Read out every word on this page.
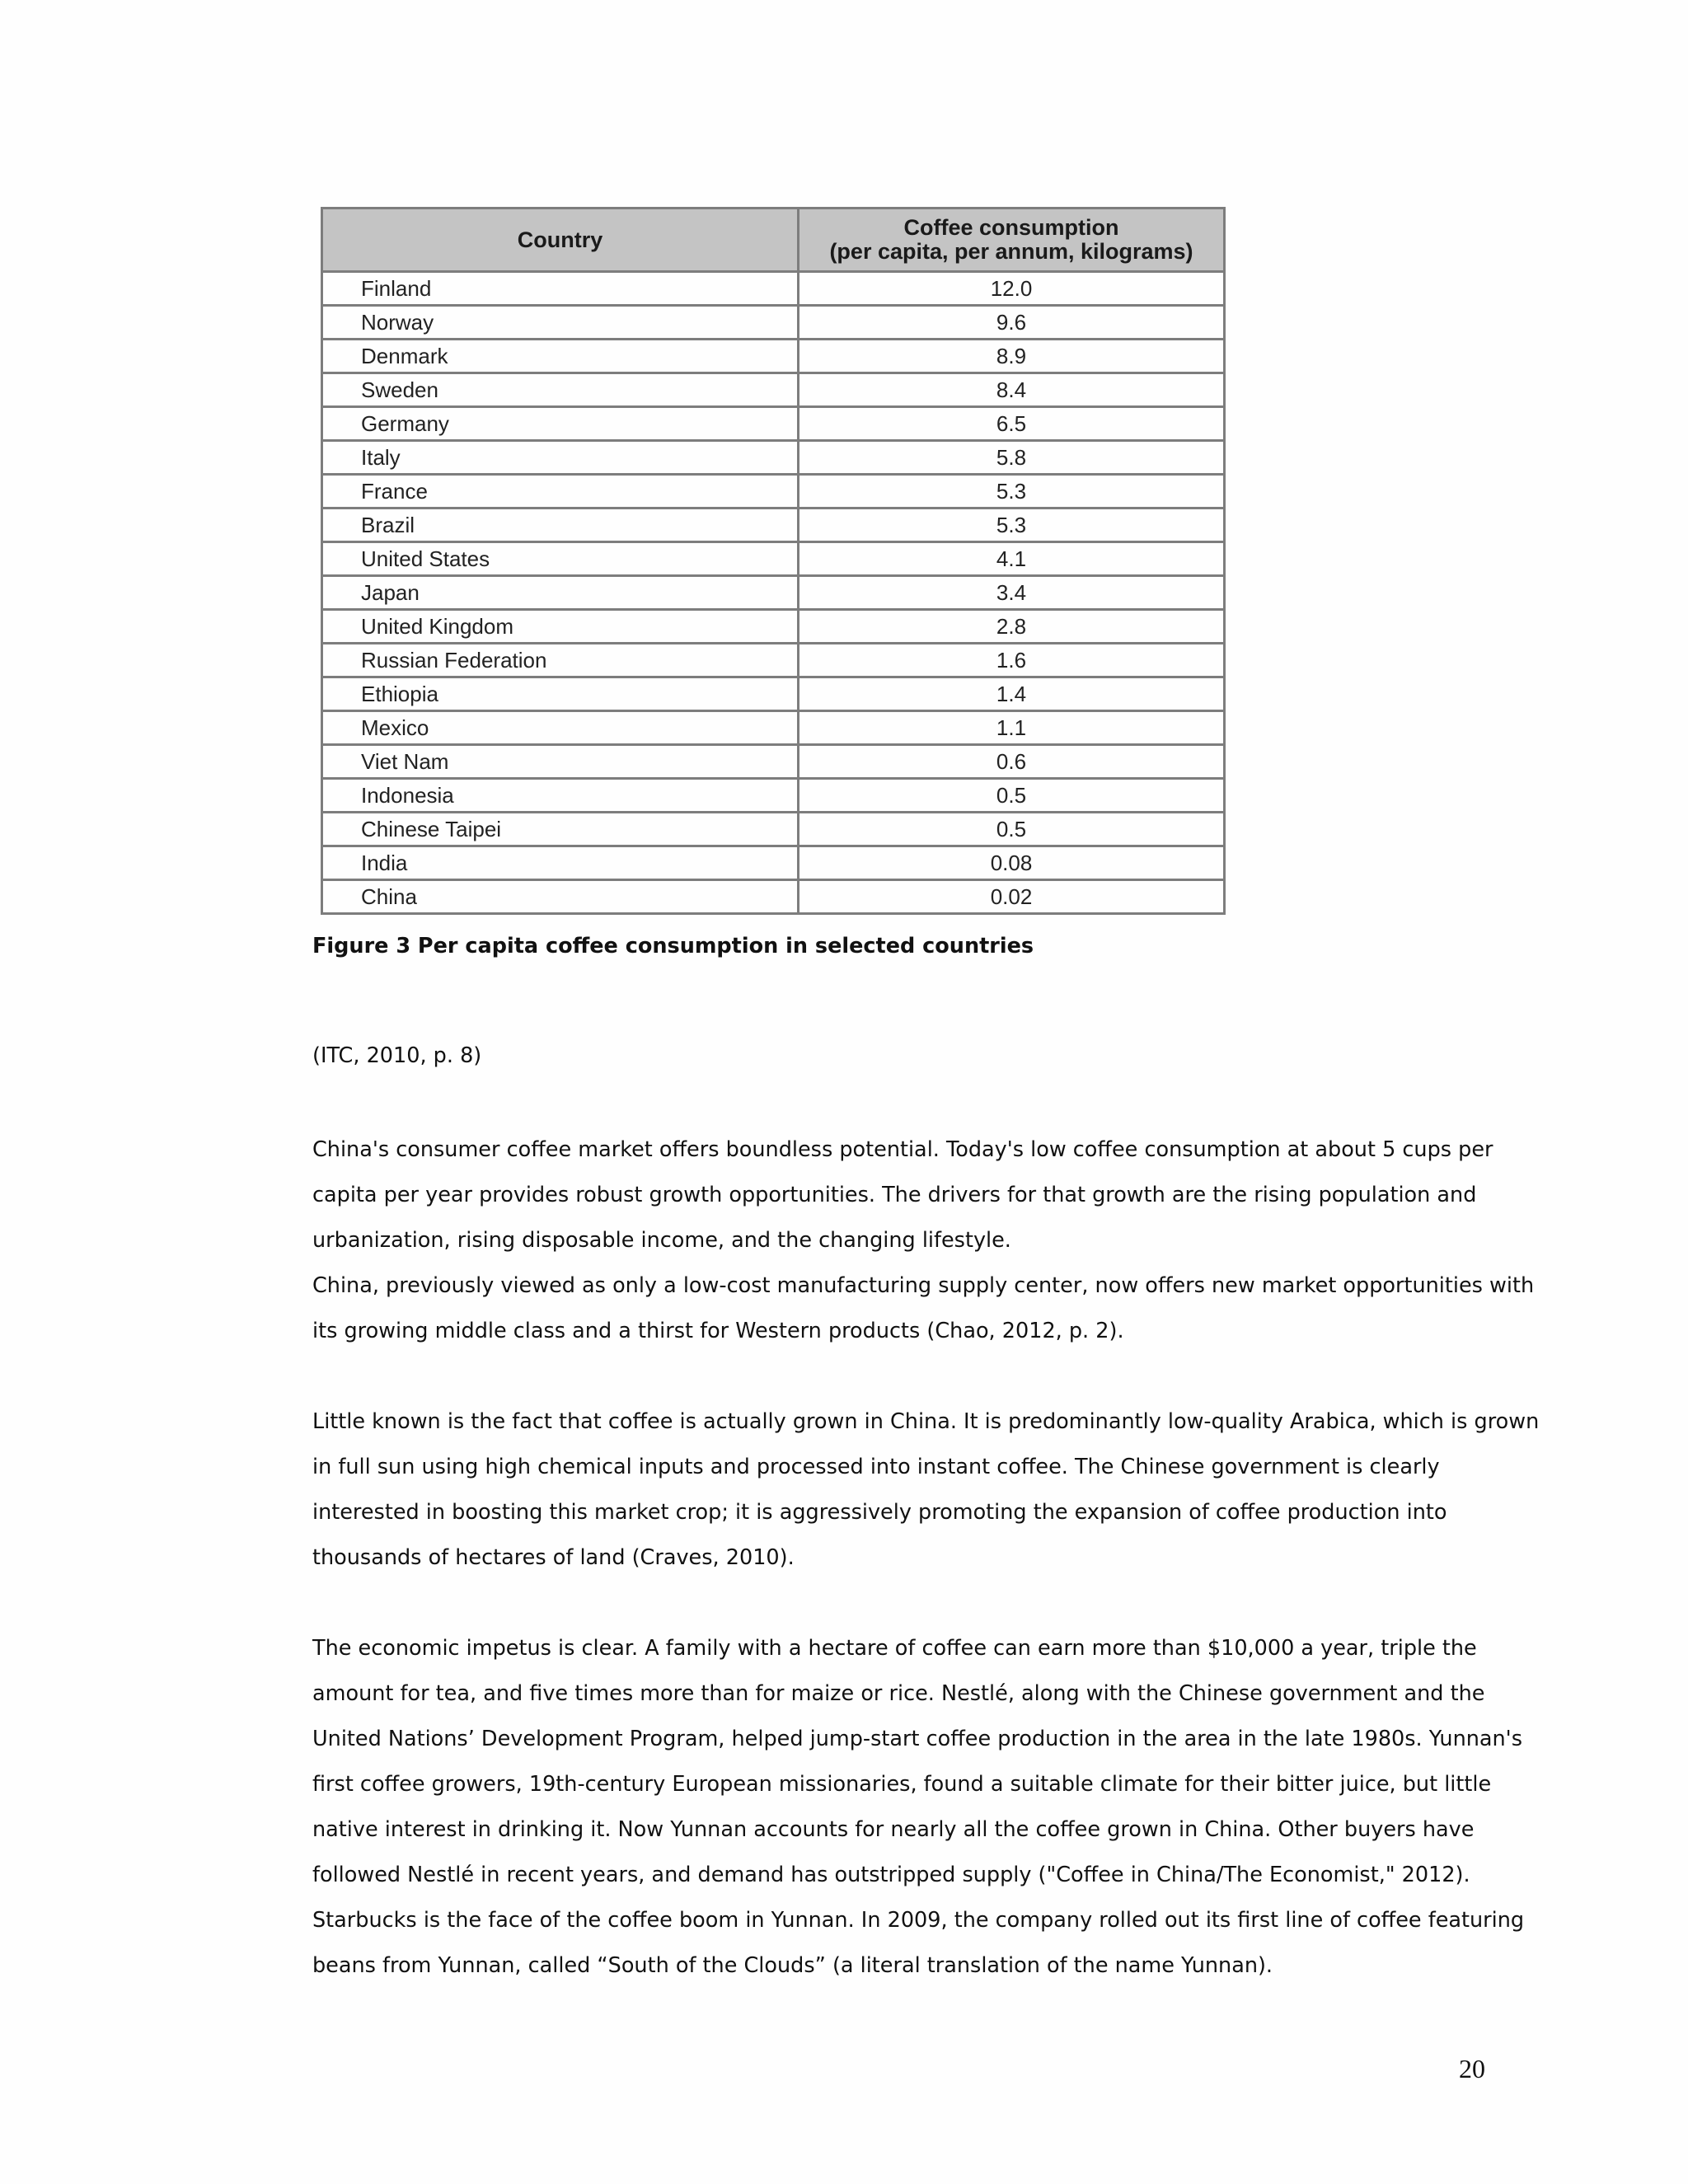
Country	Coffee consumption
(per capita, per annum, kilograms)

Finland	12.0
Norway	9.6
Denmark	8.9
Sweden	8.4
Germany	6.5
Italy	5.8
France	5.3
Brazil	5.3
United States	4.1
Japan	3.4
United Kingdom	2.8
Russian Federation	1.6
Ethiopia	1.4
Mexico	1.1
Viet Nam	0.6
Indonesia	0.5
Chinese Taipei	0.5
India	0.08
China	0.02

Figure 3 Per capita coffee consumption in selected countries

(ITC, 2010, p. 8)

China's consumer coffee market offers boundless potential. Today's low coffee consumption at about 5 cups per
capita per year provides robust growth opportunities. The drivers for that growth are the rising population and
urbanization, rising disposable income, and the changing lifestyle.
China, previously viewed as only a low-cost manufacturing supply center, now offers new market opportunities with
its growing middle class and a thirst for Western products (Chao, 2012, p. 2).
Little known is the fact that coffee is actually grown in China. It is predominantly low-quality Arabica, which is grown
in full sun using high chemical inputs and processed into instant coffee. The Chinese government is clearly
interested in boosting this market crop; it is aggressively promoting the expansion of coffee production into
thousands of hectares of land (Craves, 2010).
The economic impetus is clear. A family with a hectare of coffee can earn more than $10,000 a year, triple the
amount for tea, and five times more than for maize or rice. Nestlé, along with the Chinese government and the
United Nations’ Development Program, helped jump-start coffee production in the area in the late 1980s. Yunnan's
first coffee growers, 19th-century European missionaries, found a suitable climate for their bitter juice, but little
native interest in drinking it. Now Yunnan accounts for nearly all the coffee grown in China. Other buyers have
followed Nestlé in recent years, and demand has outstripped supply ("Coffee in China/The Economist," 2012).
Starbucks is the face of the coffee boom in Yunnan. In 2009, the company rolled out its first line of coffee featuring
beans from Yunnan, called “South of the Clouds” (a literal translation of the name Yunnan).

20
